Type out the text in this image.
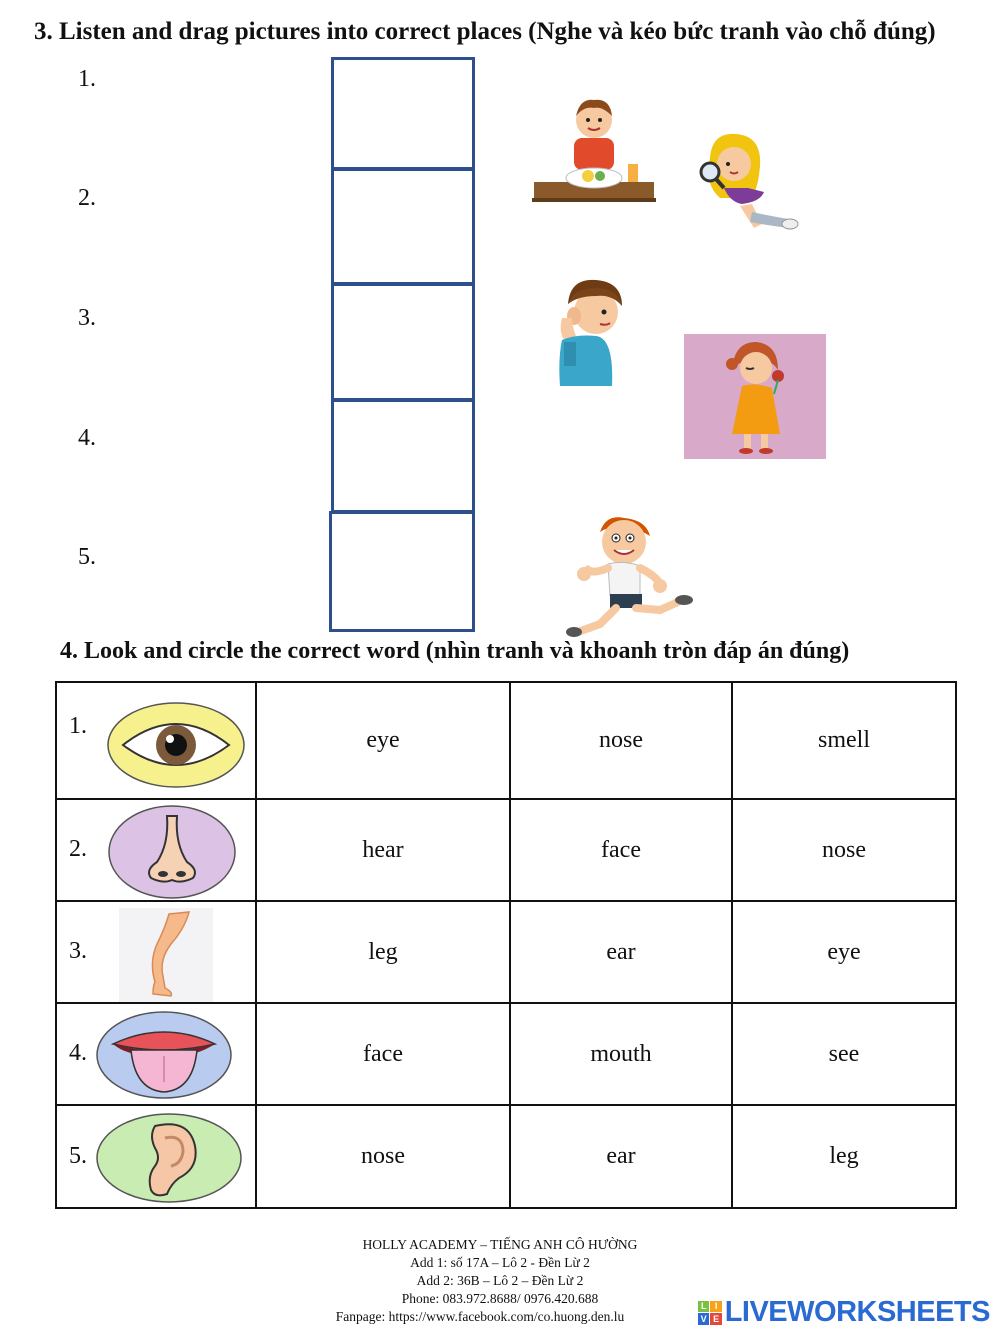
3. Listen and drag pictures into correct places (Nghe và kéo bức tranh vào chỗ đúng)
1.
2.
3.
4.
5.
4. Look and circle the correct word (nhìn tranh và khoanh tròn đáp án đúng)
1.	eye	nose	smell

2.	hear	face	nose

3.	leg	ear	eye

4.	face	mouth	see

5.	nose	ear	leg
HOLLY ACADEMY – TIẾNG ANH CÔ HƯỜNG
Add 1: số 17A – Lô 2 - Đền Lừ 2
Add 2: 36B – Lô 2 – Đền Lừ 2
Phone: 083.972.8688/ 0976.420.688
Fanpage: https://www.facebook.com/co.huong.den.lu
L I
V E LIVEWORKSHEETS
